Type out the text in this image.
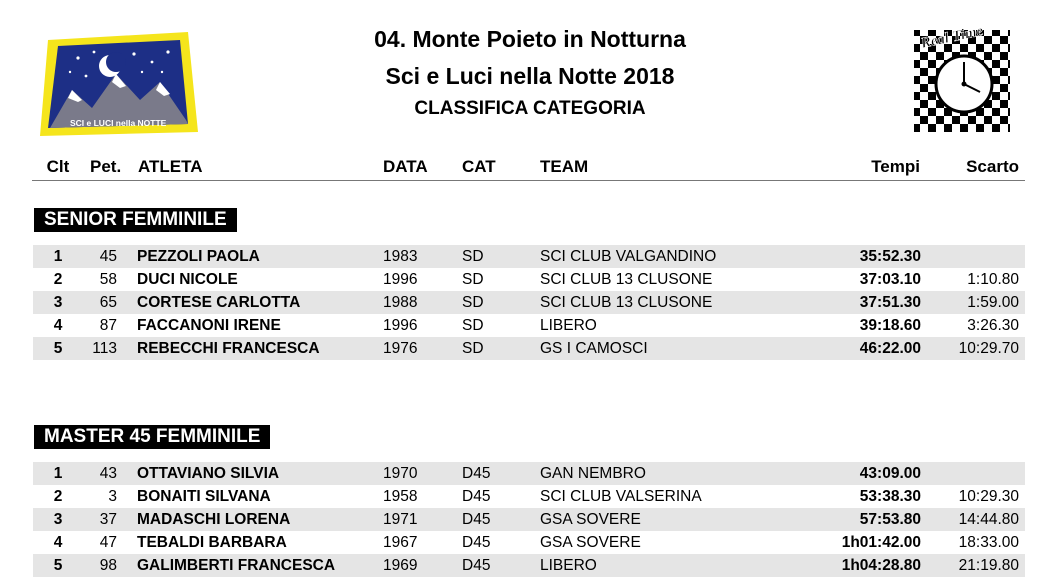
SCI e LUCI nella NOTTE
Real Time
04. Monte Poieto in Notturna
Sci e Luci nella Notte 2018
CLASSIFICA CATEGORIA
Clt	Pet. ATLETA	DATA CAT	TEAM	Tempi	Scarto
SENIOR FEMMINILE
1	45 PEZZOLI PAOLA	1983	SD	SCI CLUB VALGANDINO	35:52.30
2	58 DUCI NICOLE	1996	SD	SCI CLUB 13 CLUSONE	37:03.10	1:10.80
3	65 CORTESE CARLOTTA	1988	SD	SCI CLUB 13 CLUSONE	37:51.30	1:59.00
4	87 FACCANONI IRENE	1996	SD	LIBERO	39:18.60	3:26.30
5	113 REBECCHI FRANCESCA	1976	SD	GS I CAMOSCI	46:22.00	10:29.70
MASTER 45 FEMMINILE
1	43 OTTAVIANO SILVIA	1970	D45	GAN NEMBRO	43:09.00
2	3 BONAITI SILVANA	1958	D45	SCI CLUB VALSERINA	53:38.30	10:29.30
3	37 MADASCHI LORENA	1971	D45	GSA SOVERE	57:53.80	14:44.80
4	47 TEBALDI BARBARA	1967	D45	GSA SOVERE	1h01:42.00	18:33.00
5	98 GALIMBERTI FRANCESCA	1969	D45	LIBERO	1h04:28.80	21:19.80
